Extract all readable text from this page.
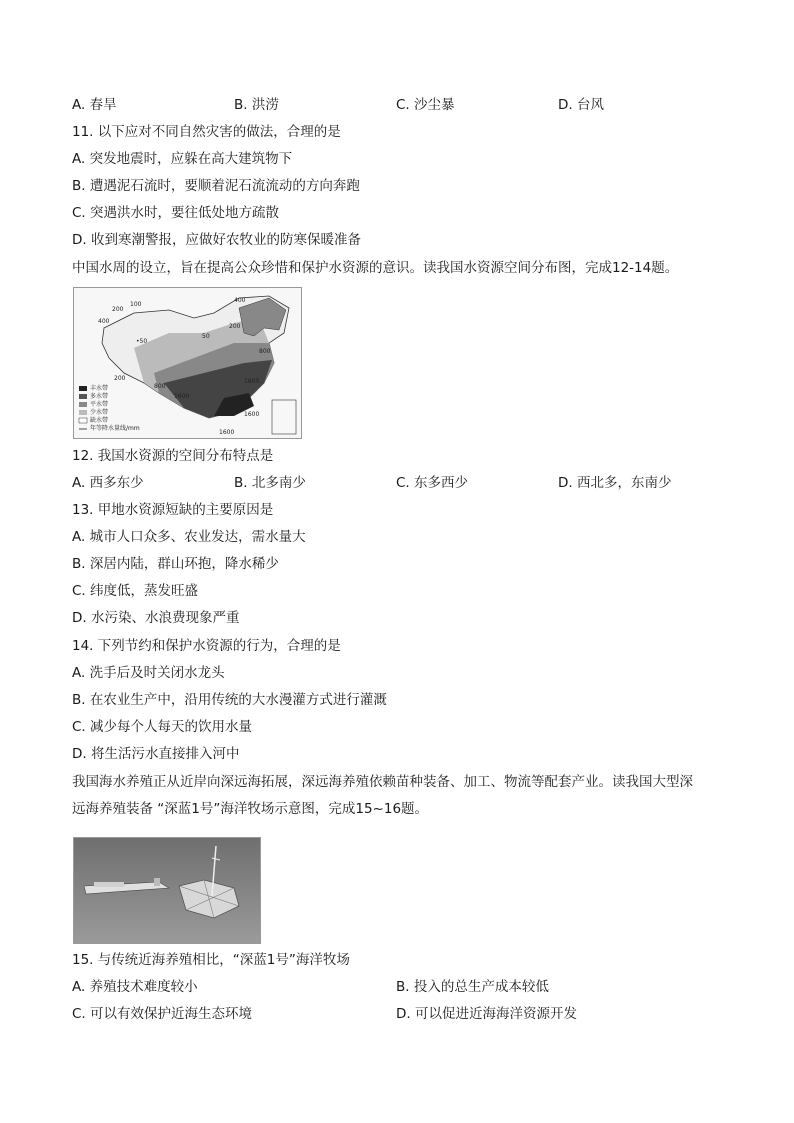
A. 春旱	B. 洪涝	C. 沙尘暴	D. 台风
11. 以下应对不同自然灾害的做法，合理的是
A. 突发地震时，应躲在高大建筑物下
B. 遭遇泥石流时，要顺着泥石流流动的方向奔跑
C. 突遇洪水时，要往低处地方疏散
D. 收到寒潮警报，应做好农牧业的防寒保暖准备
中国水周的设立，旨在提高公众珍惜和保护水资源的意识。读我国水资源空间分布图，完成12-14题。
400
200
100
400
•50
50
200
800
1600
1600
800
200
1600
1600
丰水带
多水带
平水带
少水带
缺水带
年等降水量线/mm
12. 我国水资源的空间分布特点是
A. 西多东少	B. 北多南少	C. 东多西少	D. 西北多，东南少
13. 甲地水资源短缺的主要原因是
A. 城市人口众多、农业发达，需水量大
B. 深居内陆，群山环抱，降水稀少
C. 纬度低，蒸发旺盛
D. 水污染、水浪费现象严重
14. 下列节约和保护水资源的行为，合理的是
A. 洗手后及时关闭水龙头
B. 在农业生产中，沿用传统的大水漫灌方式进行灌溉
C. 减少每个人每天的饮用水量
D. 将生活污水直接排入河中
我国海水养殖正从近岸向深远海拓展，深远海养殖依赖苗种装备、加工、物流等配套产业。读我国大型深
远海养殖装备 “深蓝1号”海洋牧场示意图，完成15~16题。
15. 与传统近海养殖相比，“深蓝1号”海洋牧场
A. 养殖技术难度较小	B. 投入的总生产成本较低
C. 可以有效保护近海生态环境	D. 可以促进近海海洋资源开发
